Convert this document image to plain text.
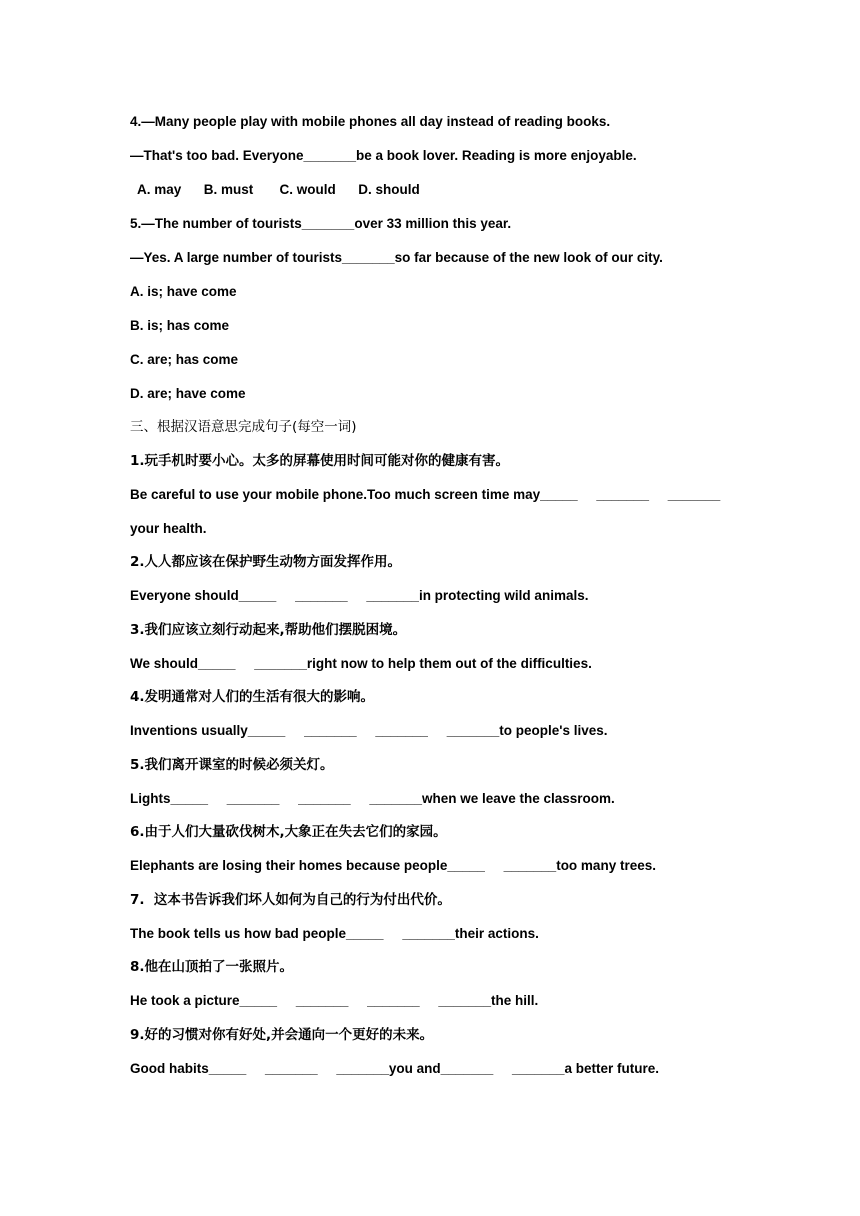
4.—Many people play with mobile phones all day instead of reading books.
—That's too bad. Everyone_______be a book lover. Reading is more enjoyable.
A. may      B. must       C. would      D. should
5.—The number of tourists_______over 33 million this year.
—Yes. A large number of tourists_______so far because of the new look of our city.
A. is; have come
B. is; has come
C. are; has come
D. are; have come
三、根据汉语意思完成句子(每空一词)
1.玩手机时要小心。太多的屏幕使用时间可能对你的健康有害。
Be careful to use your mobile phone.Too much screen time may_____     _______     _______
your health.
2.人人都应该在保护野生动物方面发挥作用。
Everyone should_____     _______     _______in protecting wild animals.
3.我们应该立刻行动起来,帮助他们摆脱困境。
We should_____     _______right now to help them out of the difficulties.
4.发明通常对人们的生活有很大的影响。
Inventions usually_____     _______     _______     _______to people's lives.
5.我们离开课室的时候必须关灯。
Lights_____     _______     _______     _______when we leave the classroom.
6.由于人们大量砍伐树木,大象正在失去它们的家园。
Elephants are losing their homes because people_____     _______too many trees.
7.  这本书告诉我们坏人如何为自己的行为付出代价。
The book tells us how bad people_____     _______their actions.
8.他在山顶拍了一张照片。
He took a picture_____     _______     _______     _______the hill.
9.好的习惯对你有好处,并会通向一个更好的未来。
Good habits_____     _______     _______you and_______     _______a better future.
